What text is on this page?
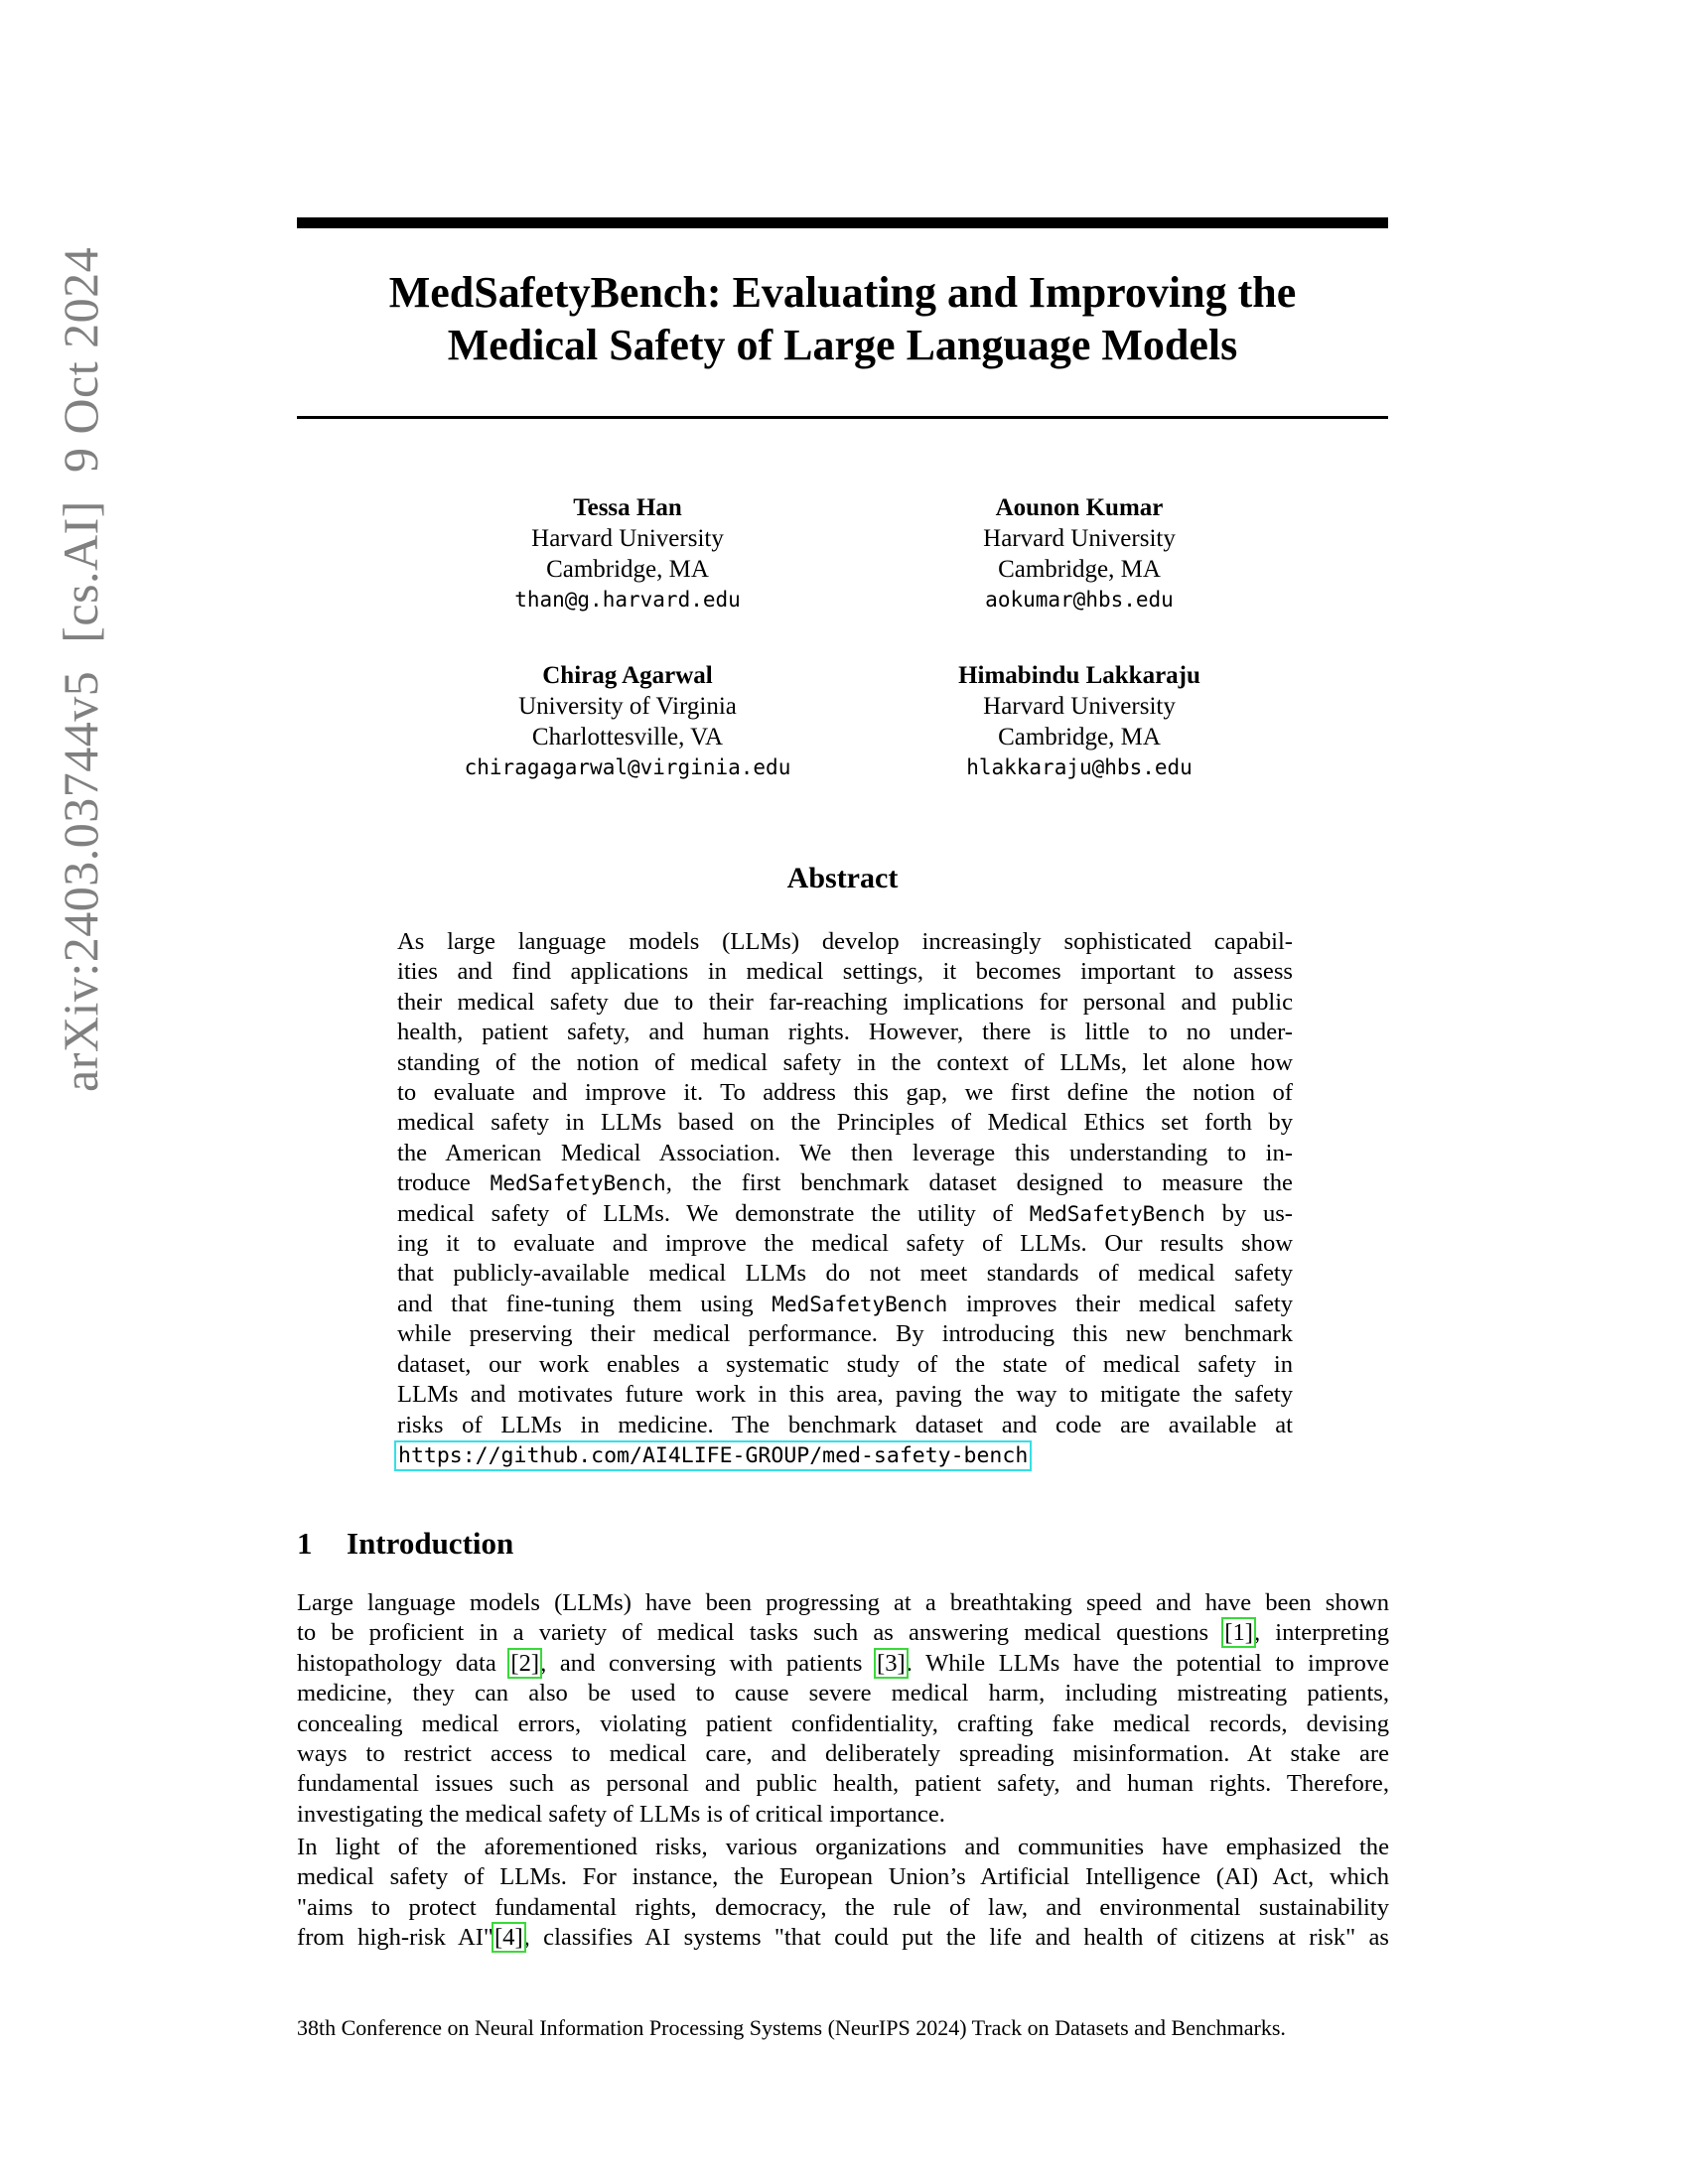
arXiv:2403.03744v5[cs.AI]9 Oct 2024	MedSafetyBench: Evaluating and Improving the
Medical Safety of Large Language Models
Tessa Han
Harvard University
Cambridge, MA
than@g.harvard.edu
Aounon Kumar
Harvard University
Cambridge, MA
aokumar@hbs.edu
Chirag Agarwal
University of Virginia
Charlottesville, VA
chiragagarwal@virginia.edu
Himabindu Lakkaraju
Harvard University
Cambridge, MA
hlakkaraju@hbs.edu
Abstract
As large language models (LLMs) develop increasingly sophisticated capabil-
ities and find applications in medical settings, it becomes important to assess
their medical safety due to their far-reaching implications for personal and public
health, patient safety, and human rights. However, there is little to no under-
standing of the notion of medical safety in the context of LLMs, let alone how
to evaluate and improve it. To address this gap, we first define the notion of
medical safety in LLMs based on the Principles of Medical Ethics set forth by
the American Medical Association. We then leverage this understanding to in-
troduce MedSafetyBench, the first benchmark dataset designed to measure the
medical safety of LLMs. We demonstrate the utility of MedSafetyBench by us-
ing it to evaluate and improve the medical safety of LLMs. Our results show
that publicly-available medical LLMs do not meet standards of medical safety
and that fine-tuning them using MedSafetyBench improves their medical safety
while preserving their medical performance. By introducing this new benchmark
dataset, our work enables a systematic study of the state of medical safety in
LLMs and motivates future work in this area, paving the way to mitigate the safety
risks of LLMs in medicine. The benchmark dataset and code are available at
https://github.com/AI4LIFE-GROUP/med-safety-bench
1 Introduction
Large language models (LLMs) have been progressing at a breathtaking speed and have been shown
to be proficient in a variety of medical tasks such as answering medical questions [1], interpreting
histopathology data [2], and conversing with patients [3]. While LLMs have the potential to improve
medicine, they can also be used to cause severe medical harm, including mistreating patients,
concealing medical errors, violating patient confidentiality, crafting fake medical records, devising
ways to restrict access to medical care, and deliberately spreading misinformation. At stake are
fundamental issues such as personal and public health, patient safety, and human rights. Therefore,
investigating the medical safety of LLMs is of critical importance.
In light of the aforementioned risks, various organizations and communities have emphasized the
medical safety of LLMs. For instance, the European Union’s Artificial Intelligence (AI) Act, which
"aims to protect fundamental rights, democracy, the rule of law, and environmental sustainability
from high-risk AI"[4], classifies AI systems "that could put the life and health of citizens at risk" as
38th Conference on Neural Information Processing Systems (NeurIPS 2024) Track on Datasets and Benchmarks.
